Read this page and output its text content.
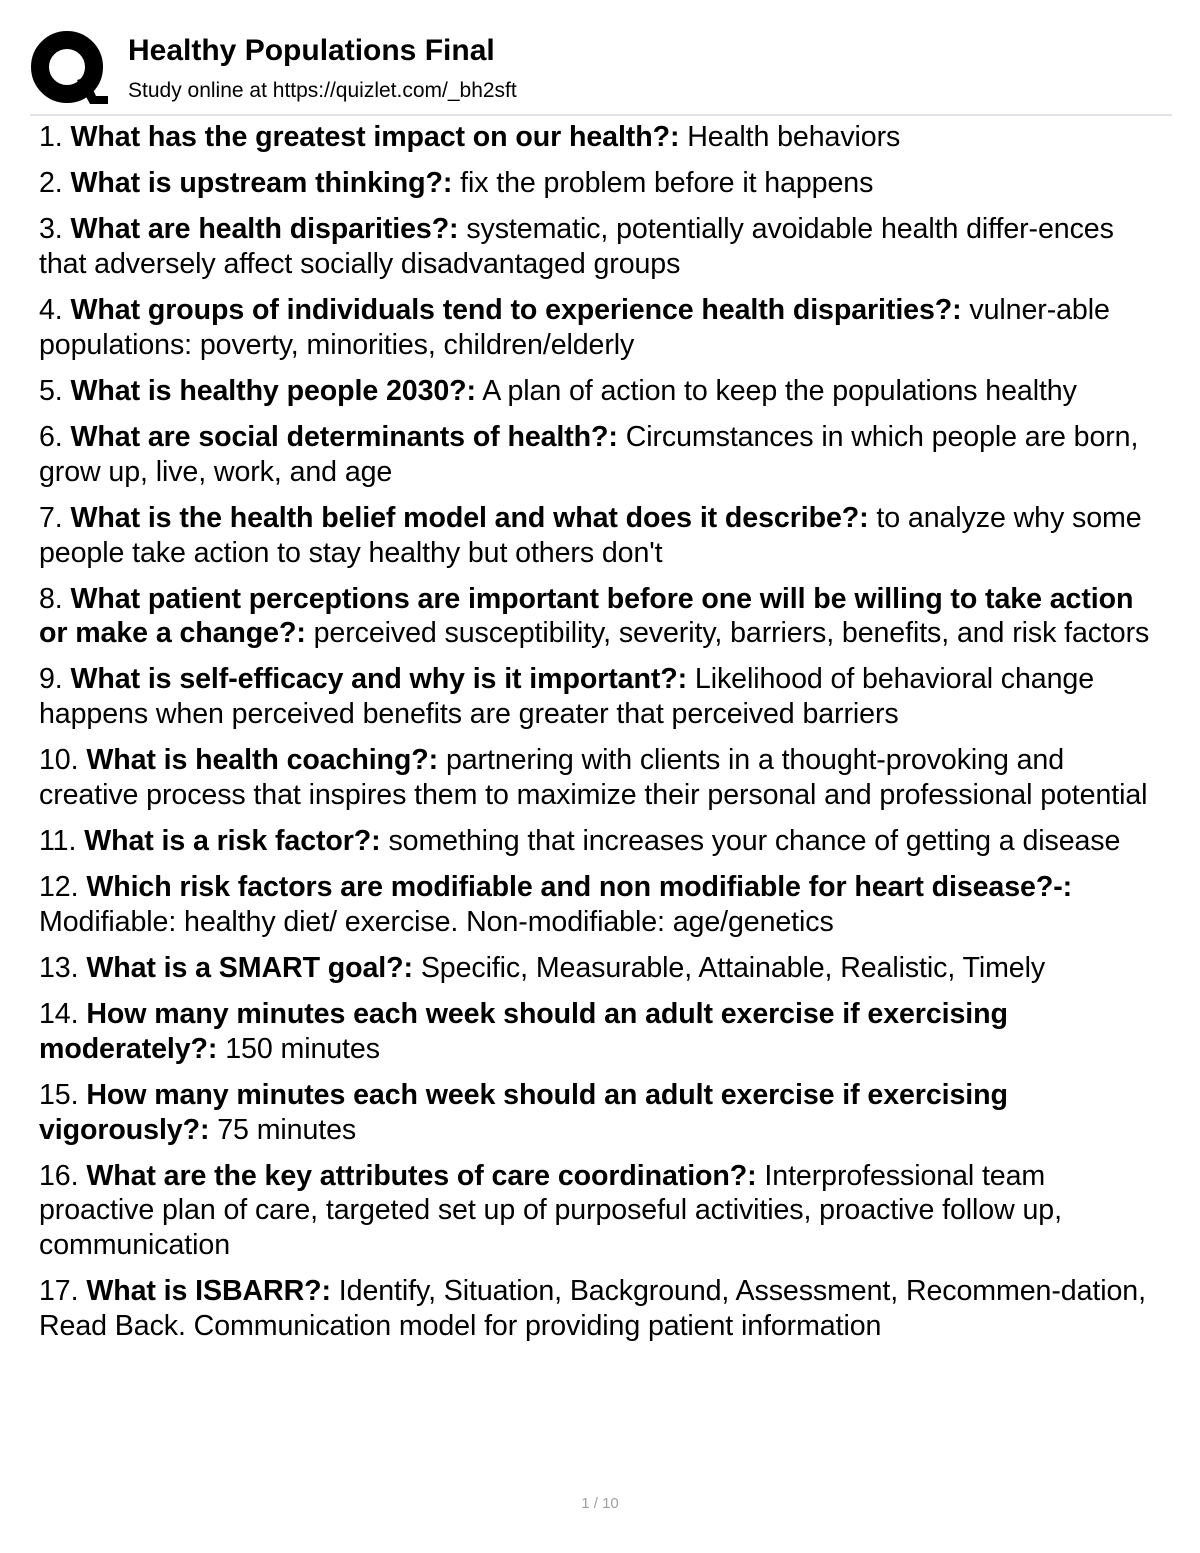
Healthy Populations Final
Study online at https://quizlet.com/_bh2sft
1. What has the greatest impact on our health?: Health behaviors
2. What is upstream thinking?: fix the problem before it happens
3. What are health disparities?: systematic, potentially avoidable health differ-ences that adversely affect socially disadvantaged groups
4. What groups of individuals tend to experience health disparities?: vulner-able populations: poverty, minorities, children/elderly
5. What is healthy people 2030?: A plan of action to keep the populations healthy
6. What are social determinants of health?: Circumstances in which people are born, grow up, live, work, and age
7. What is the health belief model and what does it describe?: to analyze why some people take action to stay healthy but others don't
8. What patient perceptions are important before one will be willing to take action or make a change?: perceived susceptibility, severity, barriers, benefits, and risk factors
9. What is self-efficacy and why is it important?: Likelihood of behavioral change happens when perceived benefits are greater that perceived barriers
10. What is health coaching?: partnering with clients in a thought-provoking and creative process that inspires them to maximize their personal and professional potential
11. What is a risk factor?: something that increases your chance of getting a disease
12. Which risk factors are modifiable and non modifiable for heart disease?-: Modifiable: healthy diet/ exercise. Non-modifiable: age/genetics
13. What is a SMART goal?: Specific, Measurable, Attainable, Realistic, Timely
14. How many minutes each week should an adult exercise if exercising moderately?: 150 minutes
15. How many minutes each week should an adult exercise if exercising vigorously?: 75 minutes
16. What are the key attributes of care coordination?: Interprofessional team proactive plan of care, targeted set up of purposeful activities, proactive follow up, communication
17. What is ISBARR?: Identify, Situation, Background, Assessment, Recommen-dation, Read Back. Communication model for providing patient information
1 / 10
